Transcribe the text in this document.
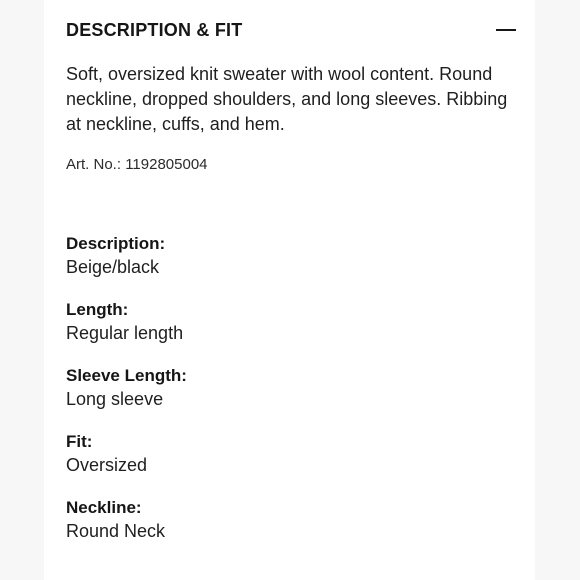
DESCRIPTION & FIT
Soft, oversized knit sweater with wool content. Round neckline, dropped shoulders, and long sleeves. Ribbing at neckline, cuffs, and hem.
Art. No.: 1192805004
Description:
Beige/black
Length:
Regular length
Sleeve Length:
Long sleeve
Fit:
Oversized
Neckline:
Round Neck
